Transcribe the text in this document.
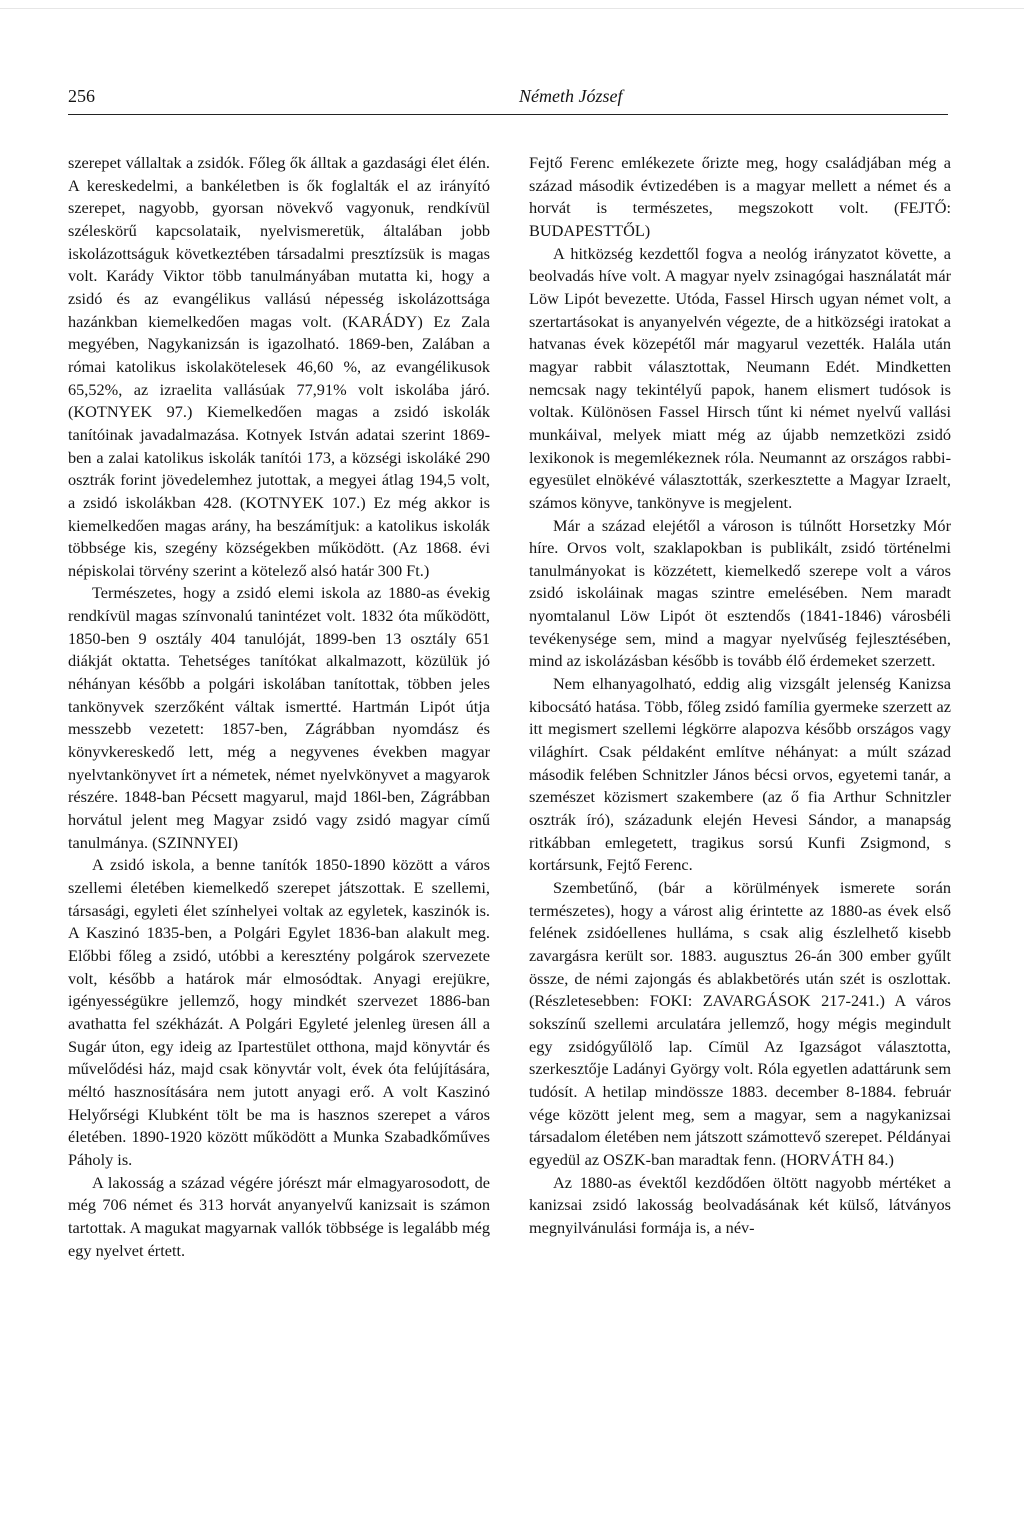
256	Németh József

szerepet vállaltak a zsidók. Főleg ők álltak a gazdasági élet élén. A kereskedelmi, a bankéletben is ők foglalták el az irányító szerepet, nagyobb, gyorsan növekvő vagyonuk, rendkívül széleskörű kapcsolataik, nyelvismeretük, általában jobb iskolázottságuk következtében társadalmi presztízsük is magas volt. Karády Viktor több tanulmányában mutatta ki, hogy a zsidó és az evangélikus vallású népesség iskolázottsága hazánkban kiemelkedően magas volt. (KARÁDY) Ez Zala megyében, Nagykanizsán is igazolható. 1869-ben, Zalában a római katolikus iskolakötelesek 46,60 %, az evangélikusok 65,52%, az izraelita vallásúak 77,91% volt iskolába járó. (KOTNYEK 97.) Kiemelkedően magas a zsidó iskolák tanítóinak javadalmazása. Kotnyek István adatai szerint 1869-ben a zalai katolikus iskolák tanítói 173, a községi iskoláké 290 osztrák forint jövedelemhez jutottak, a megyei átlag 194,5 volt, a zsidó iskolákban 428. (KOTNYEK 107.) Ez még akkor is kiemelkedően magas arány, ha beszámítjuk: a katolikus iskolák többsége kis, szegény községekben működött. (Az 1868. évi népiskolai törvény szerint a kötelező alsó határ 300 Ft.)

Természetes, hogy a zsidó elemi iskola az 1880-as évekig rendkívül magas színvonalú tanintézet volt. 1832 óta működött, 1850-ben 9 osztály 404 tanulóját, 1899-ben 13 osztály 651 diákját oktatta. Tehetséges tanítókat alkalmazott, közülük jó néhányan később a polgári iskolában tanítottak, többen jeles tankönyvek szerzőként váltak ismertté. Hartmán Lipót útja messzebb vezetett: 1857-ben, Zágrábban nyomdász és könyvkereskedő lett, még a negyvenes években magyar nyelvtankönyvet írt a németek, német nyelvkönyvet a magyarok részére. 1848-ban Pécsett magyarul, majd 186l-ben, Zágrábban horvátul jelent meg Magyar zsidó vagy zsidó magyar című tanulmánya. (SZINNYEI)

A zsidó iskola, a benne tanítók 1850-1890 között a város szellemi életében kiemelkedő szerepet játszottak. E szellemi, társasági, egyleti élet színhelyei voltak az egyletek, kaszinók is. A Kaszinó 1835-ben, a Polgári Egylet 1836-ban alakult meg. Előbbi főleg a zsidó, utóbbi a keresztény polgárok szervezete volt, később a határok már elmosódtak. Anyagi erejükre, igényességükre jellemző, hogy mindkét szervezet 1886-ban avathatta fel székházát. A Polgári Egyleté jelenleg üresen áll a Sugár úton, egy ideig az Ipartestület otthona, majd könyvtár és művelődési ház, majd csak könyvtár volt, évek óta felújítására, méltó hasznosítására nem jutott anyagi erő. A volt Kaszinó Helyőrségi Klubként tölt be ma is hasznos szerepet a város életében. 1890-1920 között működött a Munka Szabadkőműves Páholy is.

A lakosság a század végére jórészt már elmagyarosodott, de még 706 német és 313 horvát anyanyelvű kanizsait is számon tartottak. A magukat magyarnak vallók többsége is legalább még egy nyelvet értett.

Fejtő Ferenc emlékezete őrizte meg, hogy családjában még a század második évtizedében is a magyar mellett a német és a horvát is természetes, megszokott volt. (FEJTŐ: BUDAPESTTŐL)

A hitközség kezdettől fogva a neológ irányzatot követte, a beolvadás híve volt. A magyar nyelv zsinagógai használatát már Löw Lipót bevezette. Utóda, Fassel Hirsch ugyan német volt, a szertartásokat is anyanyelvén végezte, de a hitközségi iratokat a hatvanas évek közepétől már magyarul vezették. Halála után magyar rabbit választottak, Neumann Edét. Mindketten nemcsak nagy tekintélyű papok, hanem elismert tudósok is voltak. Különösen Fassel Hirsch tűnt ki német nyelvű vallási munkáival, melyek miatt még az újabb nemzetközi zsidó lexikonok is megemlékeznek róla. Neumannt az országos rabbi-egyesület elnökévé választották, szerkesztette a Magyar Izraelt, számos könyve, tankönyve is megjelent.

Már a század elejétől a városon is túlnőtt Horsetzky Mór híre. Orvos volt, szaklapokban is publikált, zsidó történelmi tanulmányokat is közzétett, kiemelkedő szerepe volt a város zsidó iskoláinak magas szintre emelésében. Nem maradt nyomtalanul Löw Lipót öt esztendős (1841-1846) városbéli tevékenysége sem, mind a magyar nyelvűség fejlesztésében, mind az iskolázásban később is tovább élő érdemeket szerzett.

Nem elhanyagolható, eddig alig vizsgált jelenség Kanizsa kibocsátó hatása. Több, főleg zsidó família gyermeke szerzett az itt megismert szellemi légkörre alapozva később országos vagy világhírt. Csak példaként említve néhányat: a múlt század második felében Schnitzler János bécsi orvos, egyetemi tanár, a szemészet közismert szakembere (az ő fia Arthur Schnitzler osztrák író), századunk elején Hevesi Sándor, a manapság ritkábban emlegetett, tragikus sorsú Kunfi Zsigmond, s kortársunk, Fejtő Ferenc.

Szembetűnő, (bár a körülmények ismerete során természetes), hogy a várost alig érintette az 1880-as évek első felének zsidóellenes hulláma, s csak alig észlelhető kisebb zavargásra került sor. 1883. augusztus 26-án 300 ember gyűlt össze, de némi zajongás és ablakbetörés után szét is oszlottak. (Részletesebben: FOKI: ZAVARGÁSOK 217-241.) A város sokszínű szellemi arculatára jellemző, hogy mégis megindult egy zsidógyűlölő lap. Címül Az Igazságot választotta, szerkesztője Ladányi György volt. Róla egyetlen adattárunk sem tudósít. A hetilap mindössze 1883. december 8-1884. február vége között jelent meg, sem a magyar, sem a nagykanizsai társadalom életében nem játszott számottevő szerepet. Példányai egyedül az OSZK-ban maradtak fenn. (HORVÁTH 84.)

Az 1880-as évektől kezdődően öltött nagyobb mértéket a kanizsai zsidó lakosság beolvadásának két külső, látványos megnyilvánulási formája is, a név-
